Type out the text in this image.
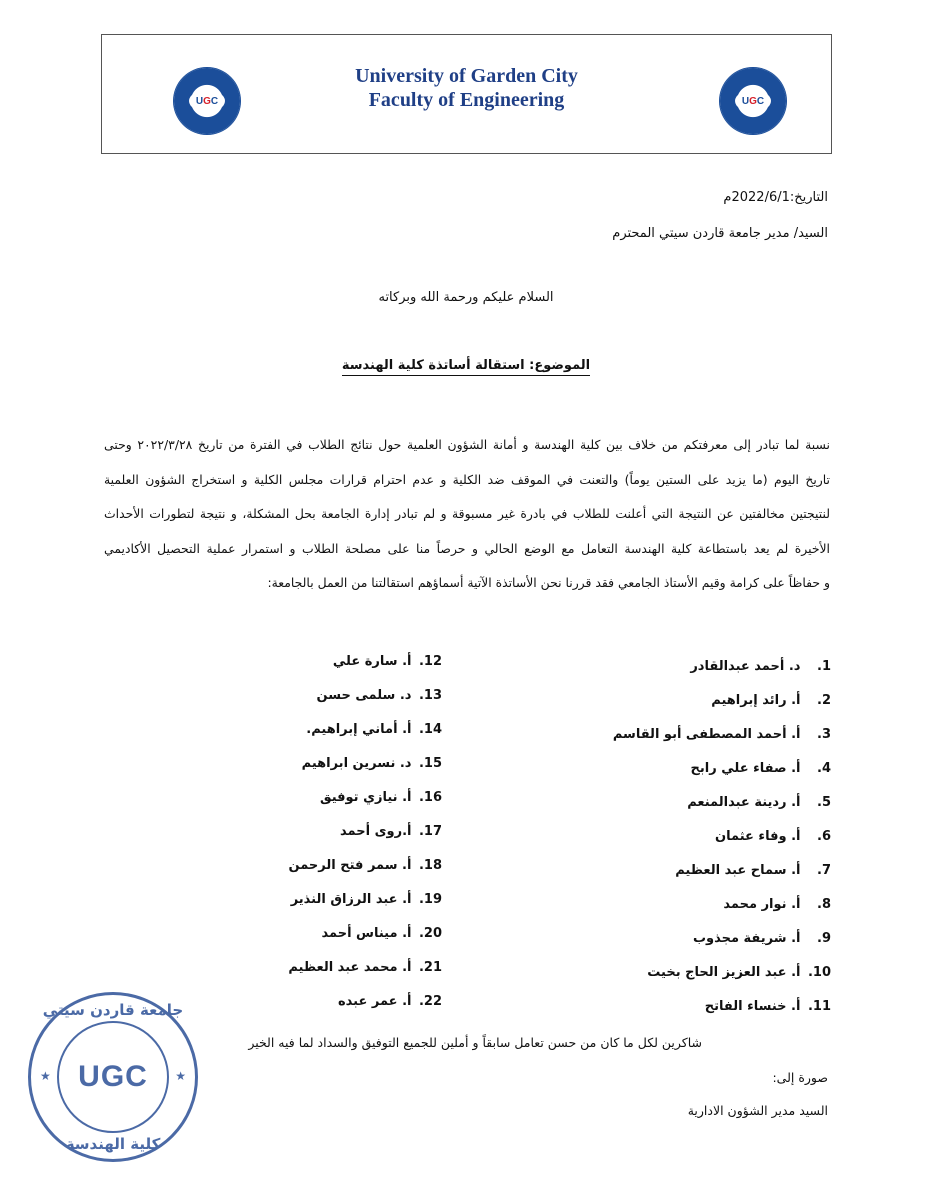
U G C
University of Garden City
Faculty of Engineering	U G C
التاريخ:2022/6/1م
السيد/ مدير جامعة قاردن سيتي المحترم
السلام عليكم ورحمة الله وبركاته
الموضوع: استقالة أساتذة كلية الهندسة
نسبة لما تبادر إلى معرفتكم من خلاف بين كلية الهندسة و أمانة الشؤون العلمية حول نتائج الطلاب في الفترة من تاريخ ٢٠٢٢/٣/٢٨ وحتى
تاريخ اليوم (ما يزيد على الستين يوماً) والتعنت في الموقف ضد الكلية و عدم احترام قرارات مجلس الكلية و استخراج الشؤون العلمية
لنتيجتين مخالفتين عن النتيجة التي أعلنت للطلاب في بادرة غير مسبوقة و لم تبادر إدارة الجامعة بحل المشكلة، و نتيجة لتطورات الأحداث
الأخيرة لم يعد باستطاعة كلية الهندسة التعامل مع الوضع الحالي و حرصاً منا على مصلحة الطلاب و استمرار عملية التحصيل الأكاديمي
و حفاظاً على كرامة وقيم الأستاذ الجامعي فقد قررنا نحن الأساتذة الآتية أسماؤهم استقالتنا من العمل بالجامعة:
1. د. أحمد عبدالقادر
2. أ. رائد إبراهيم
3. أ. أحمد المصطفى أبو القاسم
4. أ. صفاء علي رابح
5. أ. ردينة عبدالمنعم
6. أ. وفاء عثمان
7. أ. سماح عبد العظيم
8. أ. نوار محمد
9. أ. شريفة مجذوب
10. أ. عبد العزيز الحاج بخيت
11. أ. خنساء الفاتح
12. أ. سارة علي
13. د. سلمى حسن
14. أ. أماني إبراهيم.
15. د. نسرين ابراهيم
16. أ. نيازي توفيق
17. أ.روى أحمد
18. أ. سمر فتح الرحمن
19. أ. عبد الرزاق النذير
20. أ. ميناس أحمد
21. أ. محمد عبد العظيم
22. أ. عمر عبده
شاكرين لكل ما كان من حسن تعامل سابقاً و أملين للجميع التوفيق والسداد لما فيه الخير
صورة إلى:
السيد مدير الشؤون الادارية
جامعة قاردن سيتي
★	★
UGC
كلية الهندسة
